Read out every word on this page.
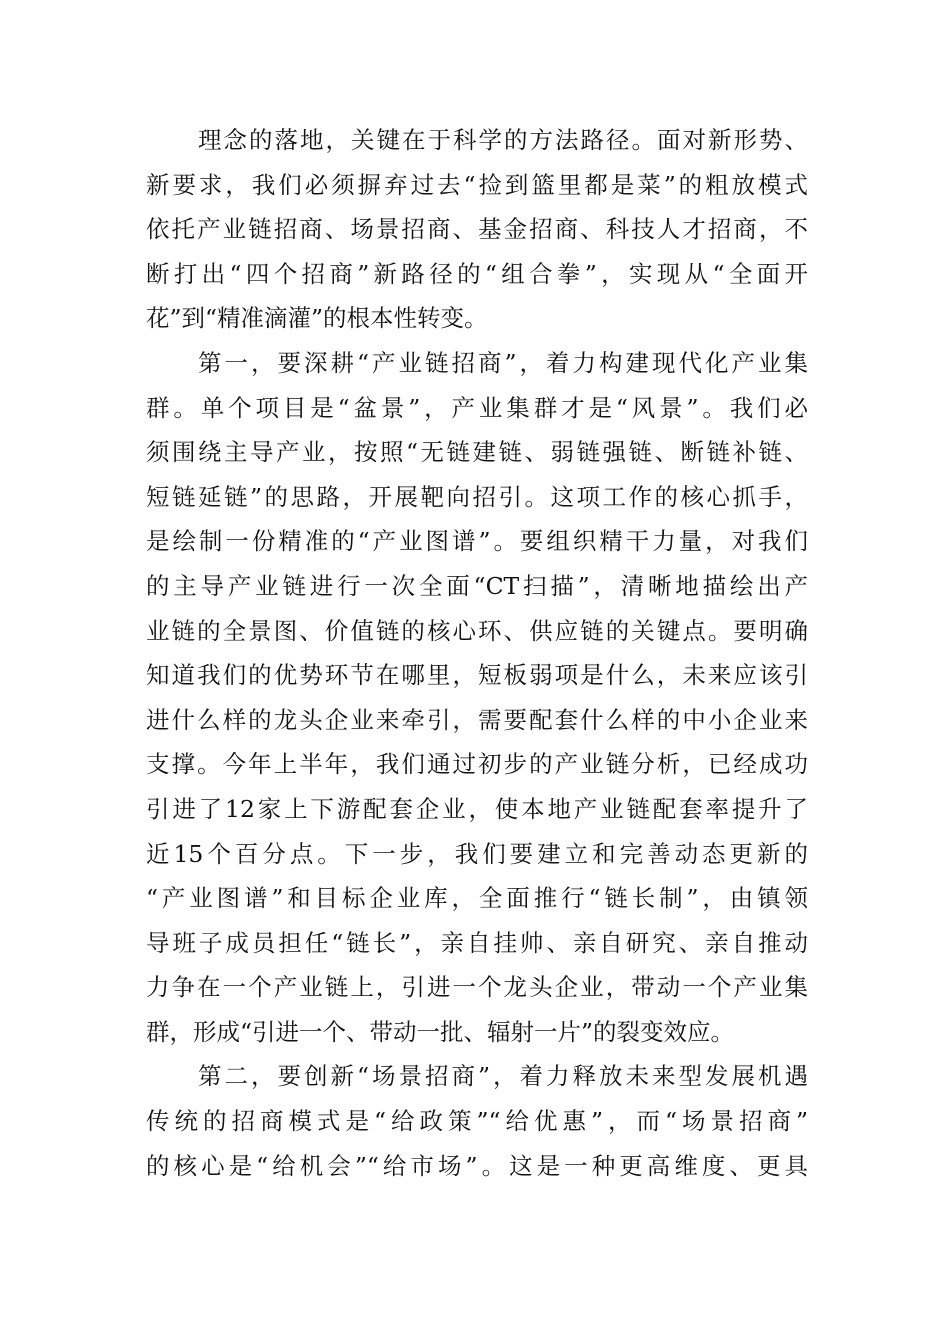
理念的落地，关键在于科学的方法路径。面对新形势、
新要求，我们必须摒弃过去“捡到篮里都是菜”的粗放模式
依托产业链招商、场景招商、基金招商、科技人才招商，不
断打出“四个招商”新路径的“组合拳”，实现从“全面开
花”到“精准滴灌”的根本性转变。
第一，要深耕“产业链招商”，着力构建现代化产业集
群。单个项目是“盆景”，产业集群才是“风景”。我们必
须围绕主导产业，按照“无链建链、弱链强链、断链补链、
短链延链”的思路，开展靶向招引。这项工作的核心抓手，
是绘制一份精准的“产业图谱”。要组织精干力量，对我们
的主导产业链进行一次全面“CT扫描”，清晰地描绘出产
业链的全景图、价值链的核心环、供应链的关键点。要明确
知道我们的优势环节在哪里，短板弱项是什么，未来应该引
进什么样的龙头企业来牵引，需要配套什么样的中小企业来
支撑。今年上半年，我们通过初步的产业链分析，已经成功
引进了12家上下游配套企业，使本地产业链配套率提升了
近15个百分点。下一步，我们要建立和完善动态更新的
“产业图谱”和目标企业库，全面推行“链长制”，由镇领
导班子成员担任“链长”，亲自挂帅、亲自研究、亲自推动
力争在一个产业链上，引进一个龙头企业，带动一个产业集
群，形成“引进一个、带动一批、辐射一片”的裂变效应。
第二，要创新“场景招商”，着力释放未来型发展机遇
传统的招商模式是“给政策”“给优惠”，而“场景招商”
的核心是“给机会”“给市场”。这是一种更高维度、更具
